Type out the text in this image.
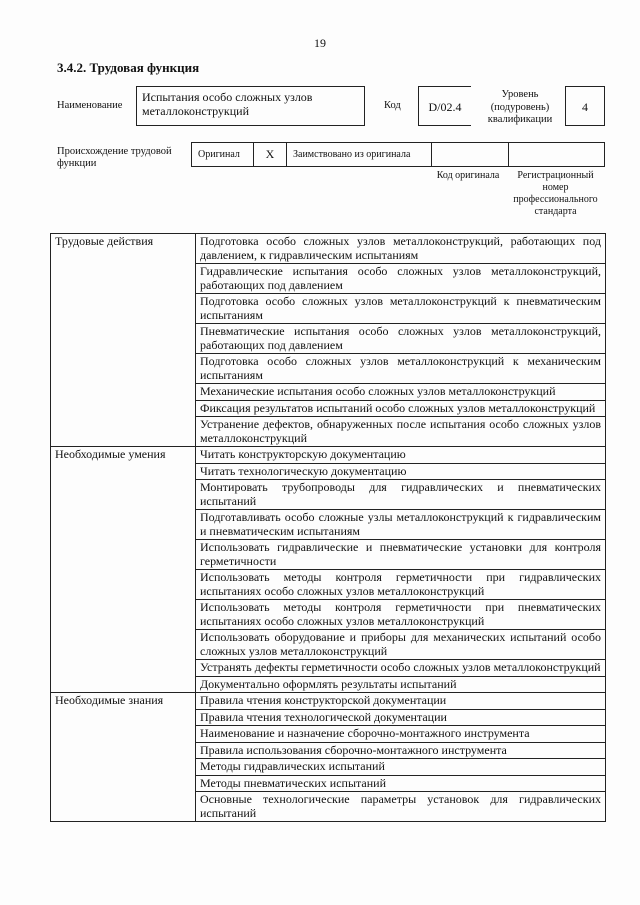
19
3.4.2. Трудовая функция
Наименование
Испытания особо сложных узлов металлоконструкций	Код	D/02.4
Уровень (подуровень) квалификации
4
Происхождение трудовой функции
Оригинал	X	Заимствовано из оригинала
Код оригинала	Регистрационный номер профессионального стандарта
Трудовые действия	Подготовка особо сложных узлов металлоконструкций, работающих под давлением, к гидравлическим испытаниям
	Гидравлические испытания особо сложных узлов металлоконструкций, работающих под давлением
	Подготовка особо сложных узлов металлоконструкций к пневматическим испытаниям
	Пневматические испытания особо сложных узлов металлоконструкций, работающих под давлением
	Подготовка особо сложных узлов металлоконструкций к механическим испытаниям
	Механические испытания особо сложных узлов металлоконструкций
	Фиксация результатов испытаний особо сложных узлов металлоконструкций
	Устранение дефектов, обнаруженных после испытания особо сложных узлов металлоконструкций
Необходимые умения	Читать конструкторскую документацию
	Читать технологическую документацию
	Монтировать трубопроводы для гидравлических и пневматических испытаний
	Подготавливать особо сложные узлы металлоконструкций к гидравлическим и пневматическим испытаниям
	Использовать гидравлические и пневматические установки для контроля герметичности
	Использовать методы контроля герметичности при гидравлических испытаниях особо сложных узлов металлоконструкций
	Использовать методы контроля герметичности при пневматических испытаниях особо сложных узлов металлоконструкций
	Использовать оборудование и приборы для механических испытаний особо сложных узлов металлоконструкций
	Устранять дефекты герметичности особо сложных узлов металлоконструкций
	Документально оформлять результаты испытаний
Необходимые знания	Правила чтения конструкторской документации
	Правила чтения технологической документации
	Наименование и назначение сборочно-монтажного инструмента
	Правила использования сборочно-монтажного инструмента
	Методы гидравлических испытаний
	Методы пневматических испытаний
	Основные технологические параметры установок для гидравлических испытаний
